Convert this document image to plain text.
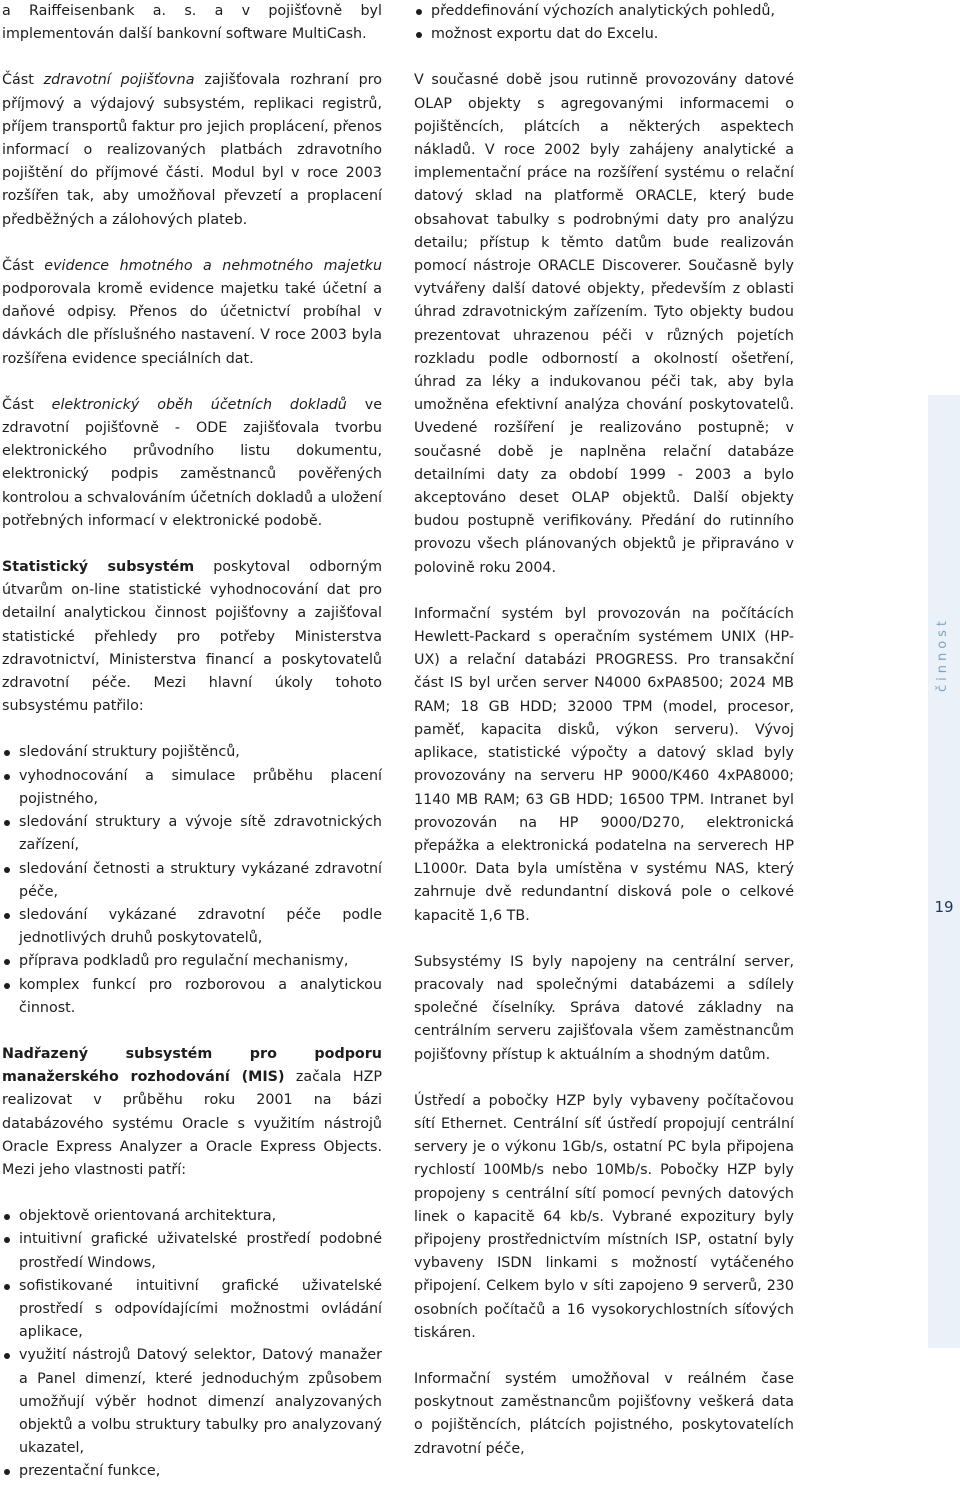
a Raiffeisenbank a. s. a v pojišťovně byl implementován další bankovní software MultiCash.

Část zdravotní pojišťovna zajišťovala rozhraní pro příjmový a výdajový subsystém, replikaci registrů, příjem transportů faktur pro jejich proplácení, přenos informací o realizovaných platbách zdravotního pojištění do příjmové části. Modul byl v roce 2003 rozšířen tak, aby umožňoval převzetí a proplacení předběžných a zálohových plateb.

Část evidence hmotného a nehmotného majetku podporovala kromě evidence majetku také účetní a daňové odpisy. Přenos do účetnictví probíhal v dávkách dle příslušného nastavení. V roce 2003 byla rozšířena evidence speciálních dat.

Část elektronický oběh účetních dokladů ve zdravotní pojišťovně - ODE zajišťovala tvorbu elektronického průvodního listu dokumentu, elektronický podpis zaměstnanců pověřených kontrolou a schvalováním účetních dokladů a uložení potřebných informací v elektronické podobě.

Statistický subsystém poskytoval odborným útvarům on-line statistické vyhodnocování dat pro detailní analytickou činnost pojišťovny a zajišťoval statistické přehledy pro potřeby Ministerstva zdravotnictví, Ministerstva financí a poskytovatelů zdravotní péče. Mezi hlavní úkoly tohoto subsystému patřilo:

sledování struktury pojištěnců,
vyhodnocování a simulace průběhu placení pojistného,
sledování struktury a vývoje sítě zdravotnických zařízení,
sledování četnosti a struktury vykázané zdravotní péče,
sledování vykázané zdravotní péče podle jednotlivých druhů poskytovatelů,
příprava podkladů pro regulační mechanismy,
komplex funkcí pro rozborovou a analytickou činnost.

Nadřazený subsystém pro podporu manažerského rozhodování (MIS) začala HZP realizovat v průběhu roku 2001 na bázi databázového systému Oracle s využitím nástrojů Oracle Express Analyzer a Oracle Express Objects. Mezi jeho vlastnosti patří:

objektově orientovaná architektura,
intuitivní grafické uživatelské prostředí podobné prostředí Windows,
sofistikované intuitivní grafické uživatelské prostředí s odpovídajícími možnostmi ovládání aplikace,
využití nástrojů Datový selektor, Datový manažer a Panel dimenzí, které jednoduchým způsobem umožňují výběr hodnot dimenzí analyzovaných objektů a volbu struktury tabulky pro analyzovaný ukazatel,
prezentační funkce,
předdefinování výchozích analytických pohledů,
možnost exportu dat do Excelu.

V současné době jsou rutinně provozovány datové OLAP objekty s agregovanými informacemi o pojištěncích, plátcích a některých aspektech nákladů. V roce 2002 byly zahájeny analytické a implementační práce na rozšíření systému o relační datový sklad na platformě ORACLE, který bude obsahovat tabulky s podrobnými daty pro analýzu detailu; přístup k těmto datům bude realizován pomocí nástroje ORACLE Discoverer. Současně byly vytvářeny další datové objekty, především z oblasti úhrad zdravotnickým zařízením. Tyto objekty budou prezentovat uhrazenou péči v různých pojetích rozkladu podle odborností a okolností ošetření, úhrad za léky a indukovanou péči tak, aby byla umožněna efektivní analýza chování poskytovatelů. Uvedené rozšíření je realizováno postupně; v současné době je naplněna relační databáze detailními daty za období 1999 - 2003 a bylo akceptováno deset OLAP objektů. Další objekty budou postupně verifikovány. Předání do rutinního provozu všech plánovaných objektů je připraváno v polovině roku 2004.

Informační systém byl provozován na počítácích Hewlett-Packard s operačním systémem UNIX (HP-UX) a relační databázi PROGRESS. Pro transakční část IS byl určen server N4000 6xPA8500; 2024 MB RAM; 18 GB HDD; 32000 TPM (model, procesor, paměť, kapacita disků, výkon serveru). Vývoj aplikace, statistické výpočty a datový sklad byly provozovány na serveru HP 9000/K460 4xPA8000; 1140 MB RAM; 63 GB HDD; 16500 TPM. Intranet byl provozován na HP 9000/D270, elektronická přepážka a elektronická podatelna na serverech HP L1000r. Data byla umístěna v systému NAS, který zahrnuje dvě redundantní disková pole o celkové kapacitě 1,6 TB.

Subsystémy IS byly napojeny na centrální server, pracovaly nad společnými databázemi a sdílely společné číselníky. Správa datové základny na centrálním serveru zajišťovala všem zaměstnancům pojišťovny přístup k aktuálním a shodným datům.

Ústředí a pobočky HZP byly vybaveny počítačovou sítí Ethernet. Centrální síť ústředí propojují centrální servery je o výkonu 1Gb/s, ostatní PC byla připojena rychlostí 100Mb/s nebo 10Mb/s. Pobočky HZP byly propojeny s centrální sítí pomocí pevných datových linek o kapacitě 64 kb/s. Vybrané expozitury byly připojeny prostřednictvím místních ISP, ostatní byly vybaveny ISDN linkami s možností vytáčeného připojení. Celkem bylo v síti zapojeno 9 serverů, 230 osobních počítačů a 16 vysokorychlostních síťových tiskáren.

Informační systém umožňoval v reálném čase poskytnout zaměstnancům pojišťovny veškerá data o pojištěncích, plátcích pojistného, poskytovatelích zdravotní péče,

činnost
19
